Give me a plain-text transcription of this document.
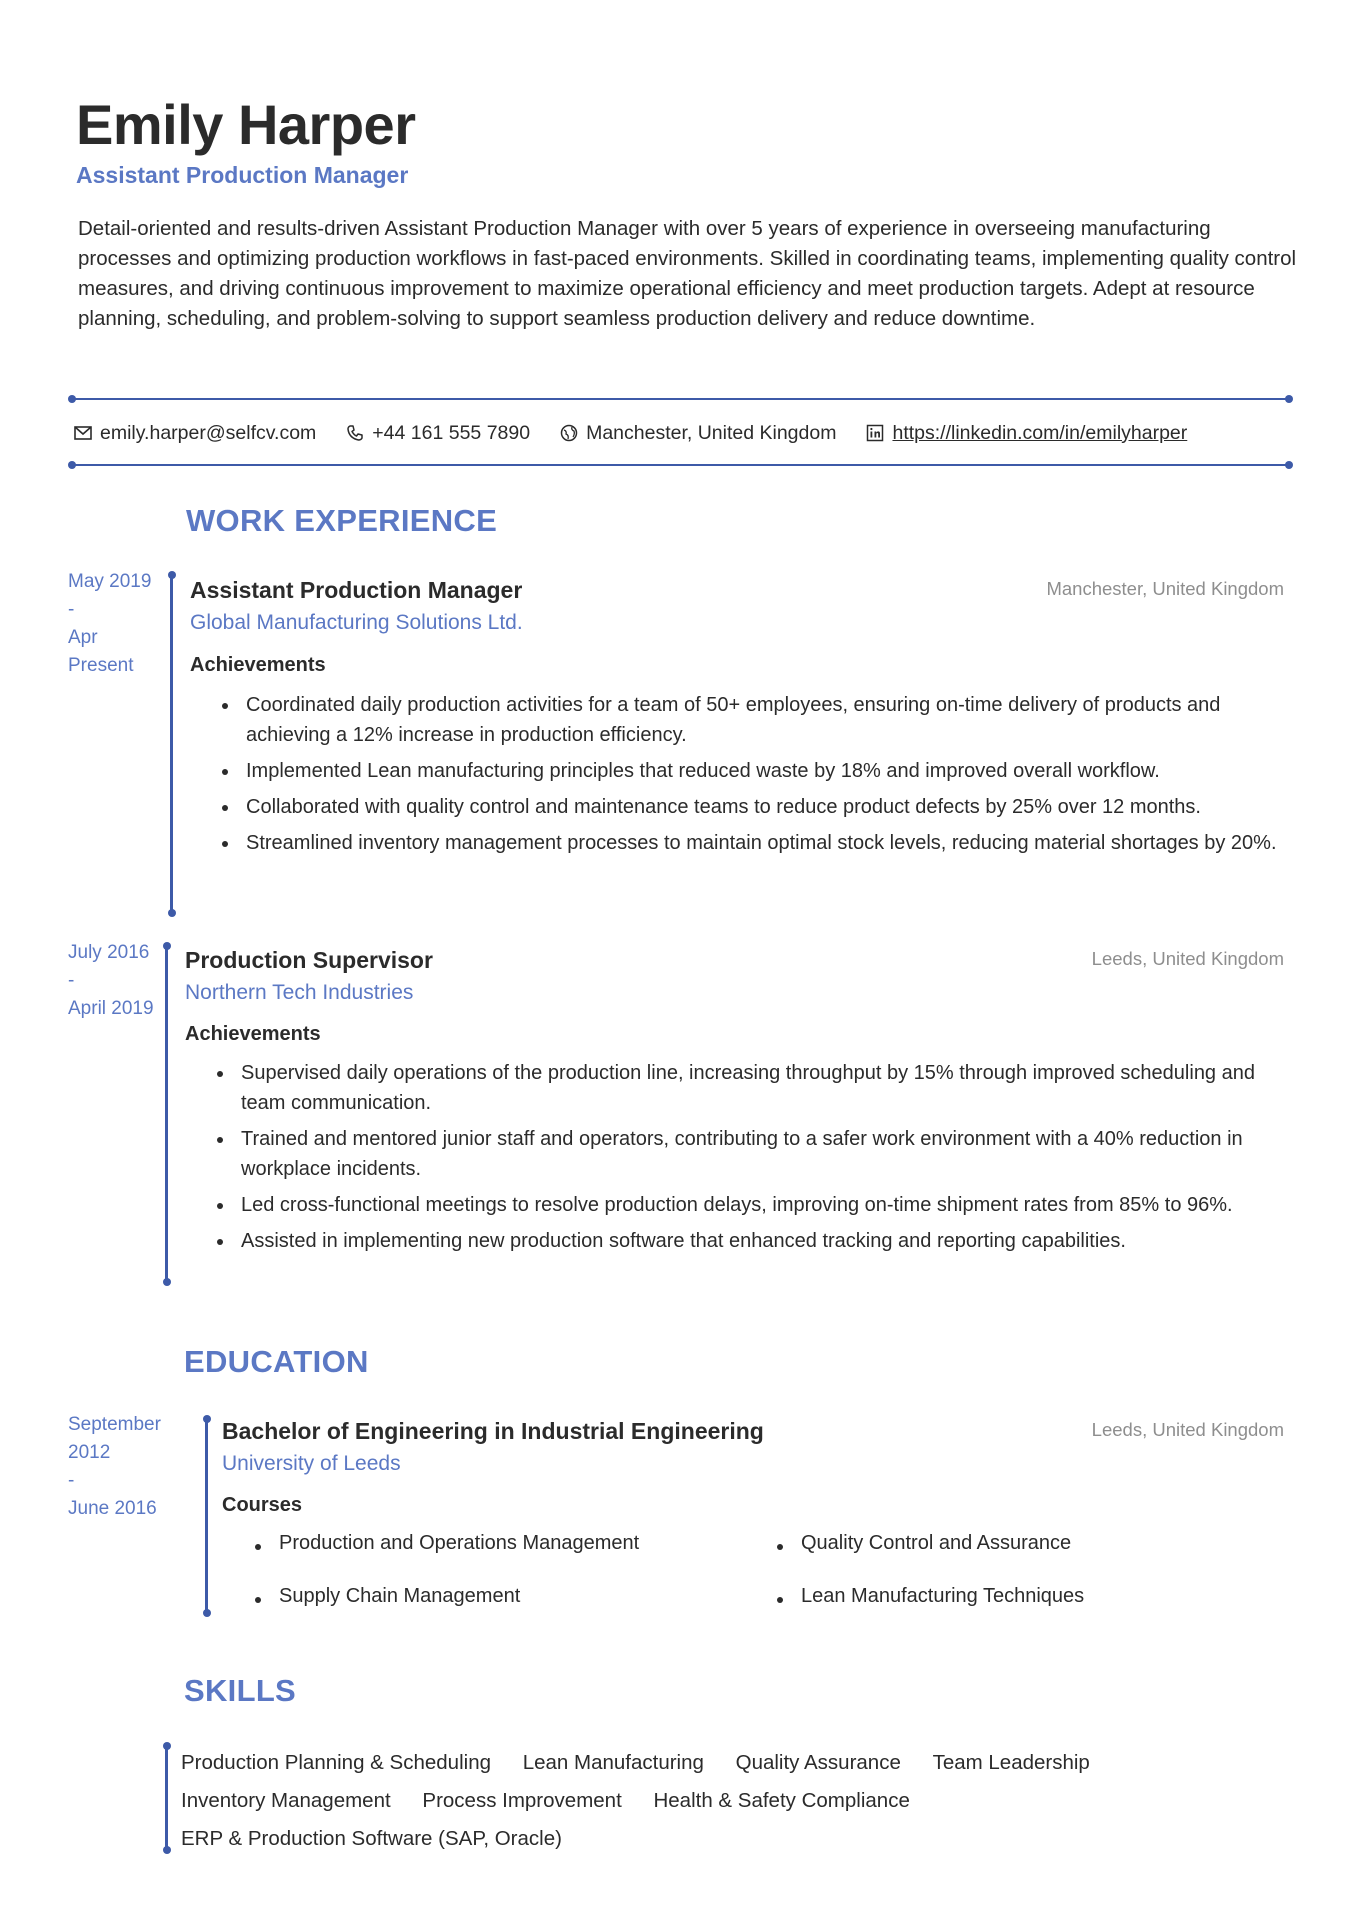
Emily Harper
Assistant Production Manager
Detail-oriented and results-driven Assistant Production Manager with over 5 years of experience in overseeing manufacturing processes and optimizing production workflows in fast-paced environments. Skilled in coordinating teams, implementing quality control measures, and driving continuous improvement to maximize operational efficiency and meet production targets. Adept at resource planning, scheduling, and problem-solving to support seamless production delivery and reduce downtime.
emily.harper@selfcv.com	+44 161 555 7890	Manchester, United Kingdom	https://linkedin.com/in/emilyharper
WORK EXPERIENCE
May 2019
-
Apr
Present
Assistant Production Manager	Manchester, United Kingdom
Global Manufacturing Solutions Ltd.
Achievements
Coordinated daily production activities for a team of 50+ employees, ensuring on-time delivery of products and achieving a 12% increase in production efficiency.
Implemented Lean manufacturing principles that reduced waste by 18% and improved overall workflow.
Collaborated with quality control and maintenance teams to reduce product defects by 25% over 12 months.
Streamlined inventory management processes to maintain optimal stock levels, reducing material shortages by 20%.
July 2016
-
April 2019
Production Supervisor	Leeds, United Kingdom
Northern Tech Industries
Achievements
Supervised daily operations of the production line, increasing throughput by 15% through improved scheduling and team communication.
Trained and mentored junior staff and operators, contributing to a safer work environment with a 40% reduction in workplace incidents.
Led cross-functional meetings to resolve production delays, improving on-time shipment rates from 85% to 96%.
Assisted in implementing new production software that enhanced tracking and reporting capabilities.
EDUCATION
September
2012
-
June 2016
Bachelor of Engineering in Industrial Engineering	Leeds, United Kingdom
University of Leeds
Courses
Production and Operations Management	Quality Control and Assurance
Supply Chain Management	Lean Manufacturing Techniques
SKILLS
Production Planning & Scheduling Lean Manufacturing Quality Assurance Team Leadership
Inventory Management Process Improvement Health & Safety Compliance
ERP & Production Software (SAP, Oracle)
